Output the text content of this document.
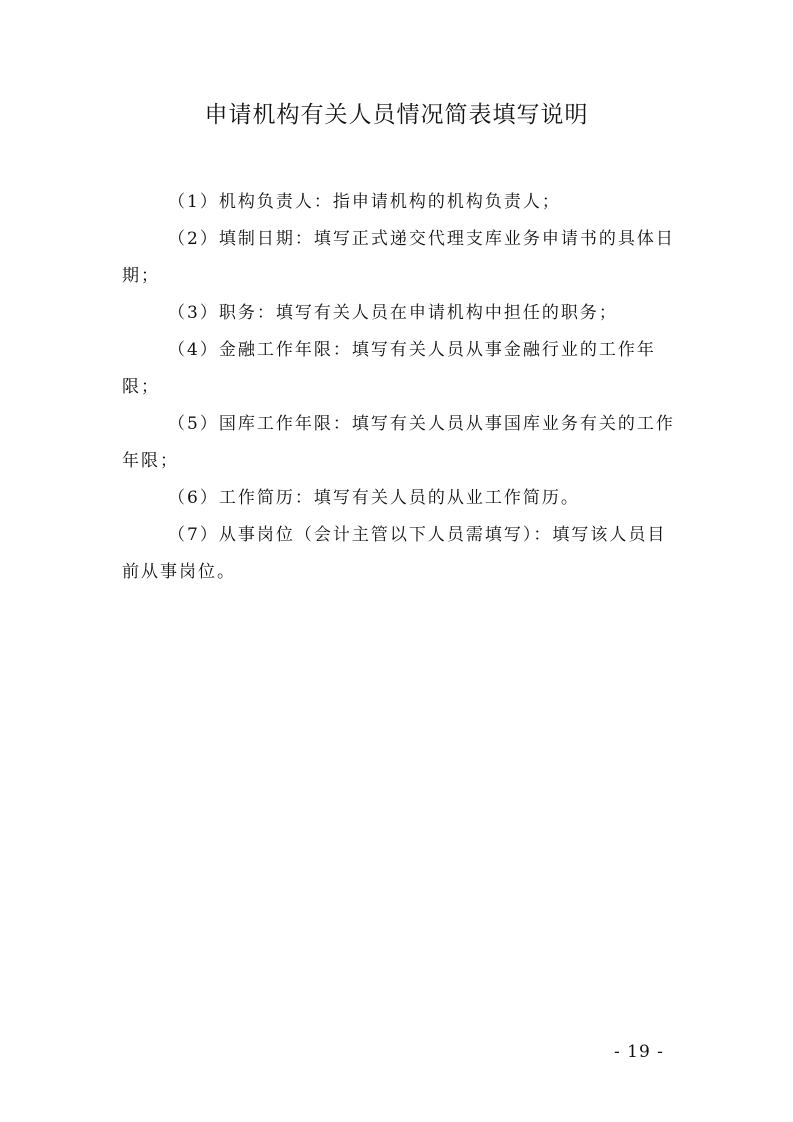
申请机构有关人员情况简表填写说明

（1）机构负责人：指申请机构的机构负责人；

（2）填制日期：填写正式递交代理支库业务申请书的具体日期；

（3）职务：填写有关人员在申请机构中担任的职务；

（4）金融工作年限：填写有关人员从事金融行业的工作年限；

（5）国库工作年限：填写有关人员从事国库业务有关的工作年限；

（6）工作简历：填写有关人员的从业工作简历。

（7）从事岗位（会计主管以下人员需填写）：填写该人员目前从事岗位。

- 19 -
